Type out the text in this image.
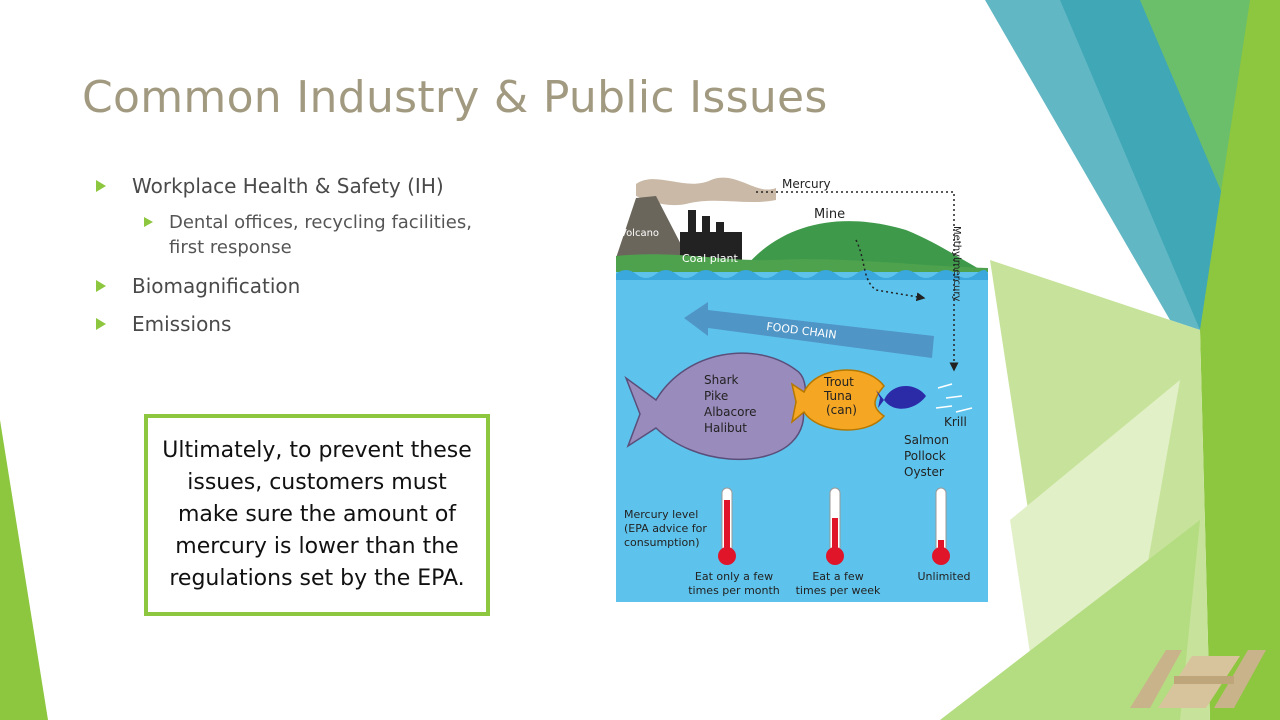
Common Industry & Public Issues
Workplace Health & Safety (IH)
Dental offices, recycling facilities, first response
Biomagnification
Emissions
Ultimately, to prevent these issues, customers must make sure the amount of mercury is lower than the regulations set by the EPA.
FOOD CHAIN
Mercury
Mine
Volcano
Coal plant	Methylmercury
Shark
Pike
Albacore
Halibut
Trout
Tuna
(can)
Krill
Salmon
Pollock
Oyster
Mercury level
(EPA advice for
consumption)
Eat only a few
times per month
Eat a few
times per week
Unlimited
